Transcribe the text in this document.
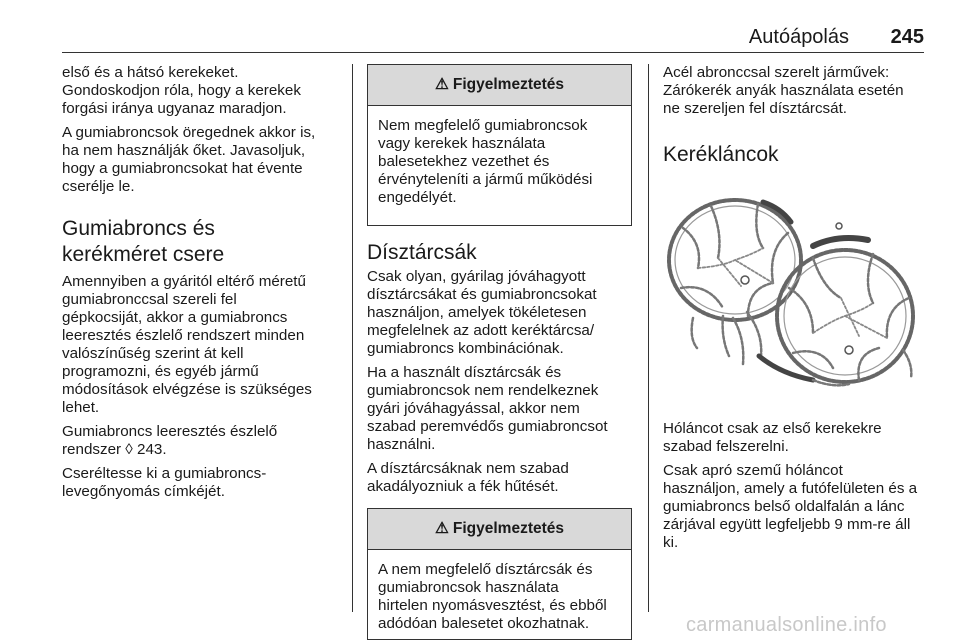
Autóápolás 245

első és a hátsó kerekeket.
Gondoskodjon róla, hogy a kerekek
forgási iránya ugyanaz maradjon.

A gumiabroncsok öregednek akkor is,
ha nem használják őket. Javasoljuk,
hogy a gumiabroncsokat hat évente
cserélje le.

Gumiabroncs és
kerékméret csere

Amennyiben a gyáritól eltérő méretű
gumiabronccsal szereli fel
gépkocsiját, akkor a gumiabroncs
leeresztés észlelő rendszert minden
valószínűség szerint át kell
programozni, és egyéb jármű
módosítások elvégzése is szükséges
lehet.

Gumiabroncs leeresztés észlelő
rendszer ◊ 243.

Cseréltesse ki a gumiabroncs-
levegőnyomás címkéjét.

⚠ Figyelmeztetés
Nem megfelelő gumiabroncsok
vagy kerekek használata
balesetekhez vezethet és
érvényteleníti a jármű működési
engedélyét.
Dísztárcsák

Csak olyan, gyárilag jóváhagyott
dísztárcsákat és gumiabroncsokat
használjon, amelyek tökéletesen
megfelelnek az adott keréktárcsa/
gumiabroncs kombinációnak.

Ha a használt dísztárcsák és
gumiabroncsok nem rendelkeznek
gyári jóváhagyással, akkor nem
szabad peremvédős gumiabroncsot
használni.

A dísztárcsáknak nem szabad
akadályozniuk a fék hűtését.

⚠ Figyelmeztetés
A nem megfelelő dísztárcsák és
gumiabroncsok használata
hirtelen nyomásvesztést, és ebből
adódóan balesetet okozhatnak.

Acél abronccsal szerelt járművek:
Zárókerék anyák használata esetén
ne szereljen fel dísztárcsát.

Kerékláncok

Hóláncot csak az első kerekekre
szabad felszerelni.

Csak apró szemű hóláncot
használjon, amely a futófelületen és a
gumiabroncs belső oldalfalán a lánc
zárjával együtt legfeljebb 9 mm-re áll
ki.

carmanualsonline.info
